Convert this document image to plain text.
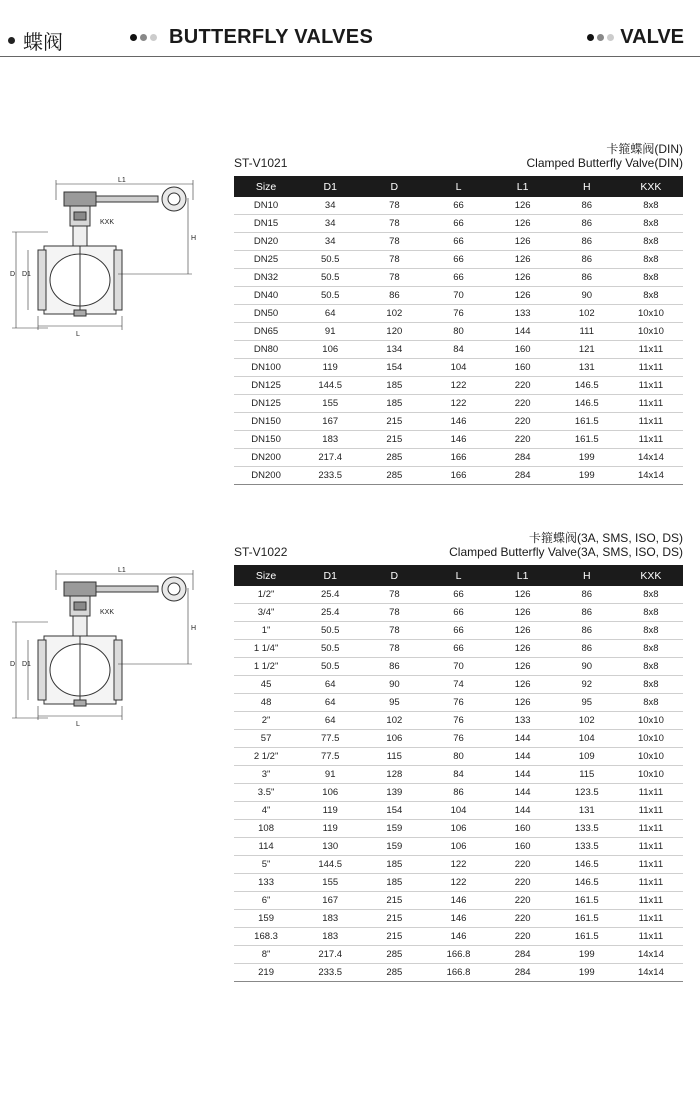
蝶阀	BUTTERFLY VALVES	VALVE
卡箍蝶阀(DIN)
Clamped Butterfly Valve(DIN)
ST-V1021
Size	D1	D	L	L1	H	KXK
DN10	34	78	66	126	86	8x8
DN15	34	78	66	126	86	8x8
DN20	34	78	66	126	86	8x8
DN25	50.5	78	66	126	86	8x8
DN32	50.5	78	66	126	86	8x8
DN40	50.5	86	70	126	90	8x8
DN50	64	102	76	133	102	10x10
DN65	91	120	80	144	111	10x10
DN80	106	134	84	160	121	11x11
DN100	119	154	104	160	131	11x11
DN125	144.5	185	122	220	146.5	11x11
DN125	155	185	122	220	146.5	11x11
DN150	167	215	146	220	161.5	11x11
DN150	183	215	146	220	161.5	11x11
DN200	217.4	285	166	284	199	14x14
DN200	233.5	285	166	284	199	14x14
L1
KXK
H
D D1
L
卡箍蝶阀(3A, SMS, ISO, DS)
Clamped Butterfly Valve(3A, SMS, ISO, DS)
ST-V1022
Size	D1	D	L	L1	H	KXK
1/2"	25.4	78	66	126	86	8x8
3/4"	25.4	78	66	126	86	8x8
1"	50.5	78	66	126	86	8x8
1 1/4"	50.5	78	66	126	86	8x8
1 1/2"	50.5	86	70	126	90	8x8
45	64	90	74	126	92	8x8
48	64	95	76	126	95	8x8
2"	64	102	76	133	102	10x10
57	77.5	106	76	144	104	10x10
2 1/2"	77.5	115	80	144	109	10x10
3"	91	128	84	144	115	10x10
3.5"	106	139	86	144	123.5	11x11
4"	119	154	104	144	131	11x11
108	119	159	106	160	133.5	11x11
114	130	159	106	160	133.5	11x11
5"	144.5	185	122	220	146.5	11x11
133	155	185	122	220	146.5	11x11
6"	167	215	146	220	161.5	11x11
159	183	215	146	220	161.5	11x11
168.3	183	215	146	220	161.5	11x11
8"	217.4	285	166.8	284	199	14x14
219	233.5	285	166.8	284	199	14x14
L1
KXK
H
D D1
L
